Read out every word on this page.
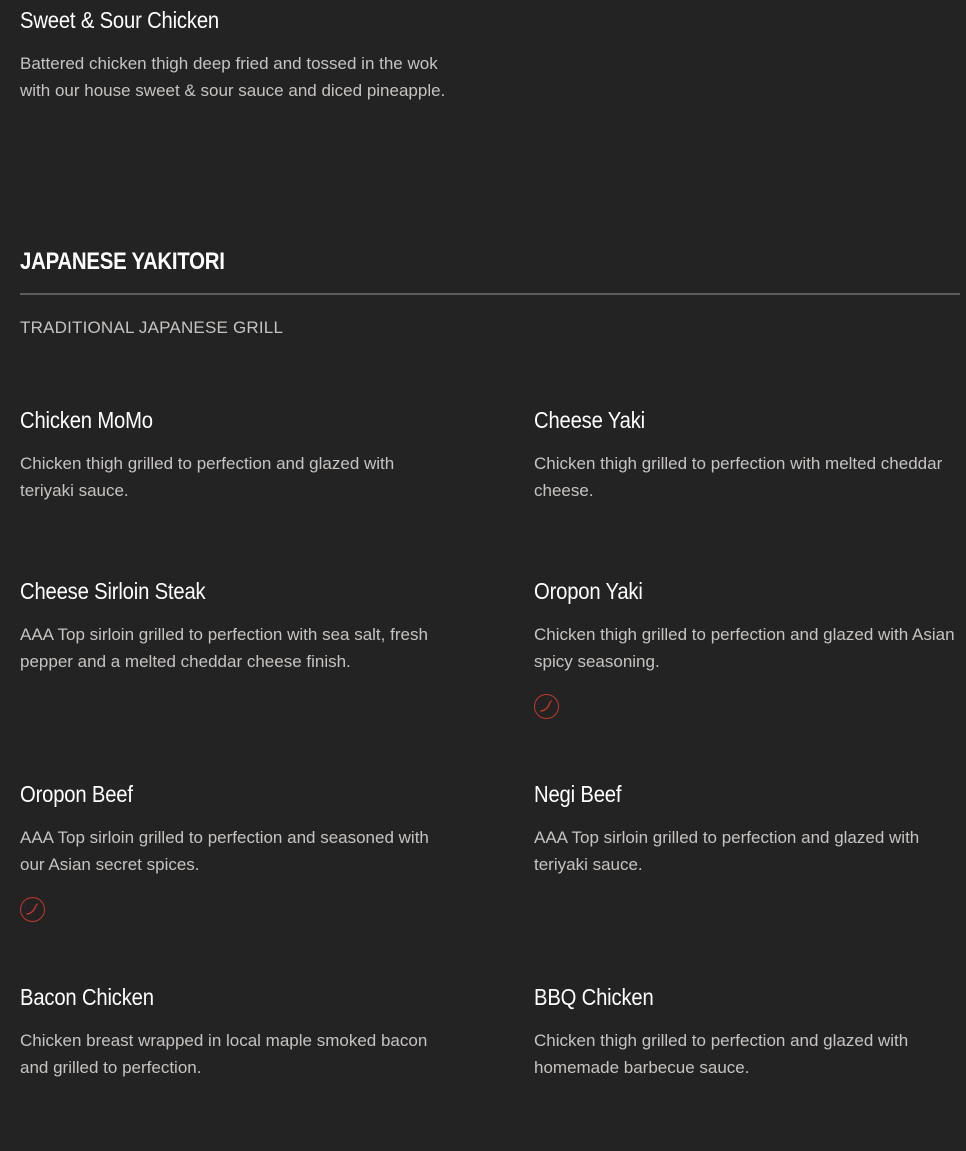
Sweet & Sour Chicken

Battered chicken thigh deep fried and tossed in the wok with our house sweet & sour sauce and diced pineapple.

JAPANESE YAKITORI
TRADITIONAL JAPANESE GRILL
Chicken MoMo

Chicken thigh grilled to perfection and glazed with teriyaki sauce.

Cheese Yaki

Chicken thigh grilled to perfection with melted cheddar cheese.

Cheese Sirloin Steak

AAA Top sirloin grilled to perfection with sea salt, fresh pepper and a melted cheddar cheese finish.

Oropon Yaki

Chicken thigh grilled to perfection and glazed with Asian spicy seasoning.

Oropon Beef

AAA Top sirloin grilled to perfection and seasoned with our Asian secret spices.

Negi Beef

AAA Top sirloin grilled to perfection and glazed with teriyaki sauce.

Bacon Chicken

Chicken breast wrapped in local maple smoked bacon and grilled to perfection.

BBQ Chicken

Chicken thigh grilled to perfection and glazed with homemade barbecue sauce.
